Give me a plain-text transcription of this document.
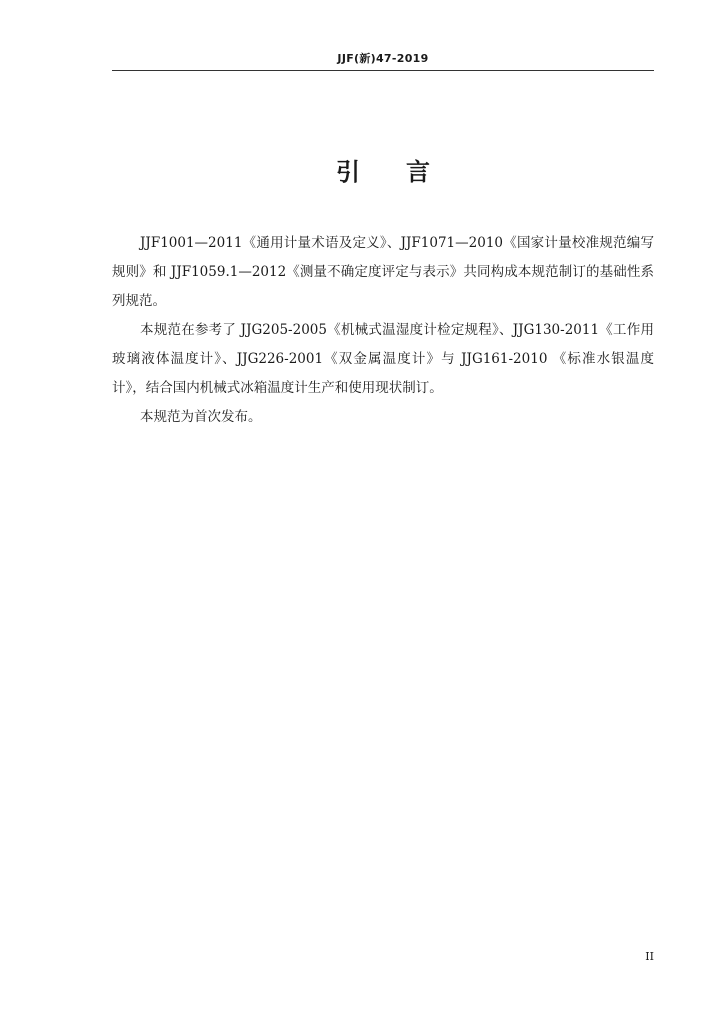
JJF(新)47-2019
引 言

JJF1001—2011《通用计量术语及定义》、JJF1071—2010《国家计量校准规范编写规则》和 JJF1059.1—2012《测量不确定度评定与表示》共同构成本规范制订的基础性系列规范。

本规范在参考了 JJG205-2005《机械式温湿度计检定规程》、JJG130-2011《工作用玻璃液体温度计》、JJG226-2001《双金属温度计》与 JJG161-2010 《标准水银温度计》，结合国内机械式冰箱温度计生产和使用现状制订。

本规范为首次发布。

II
